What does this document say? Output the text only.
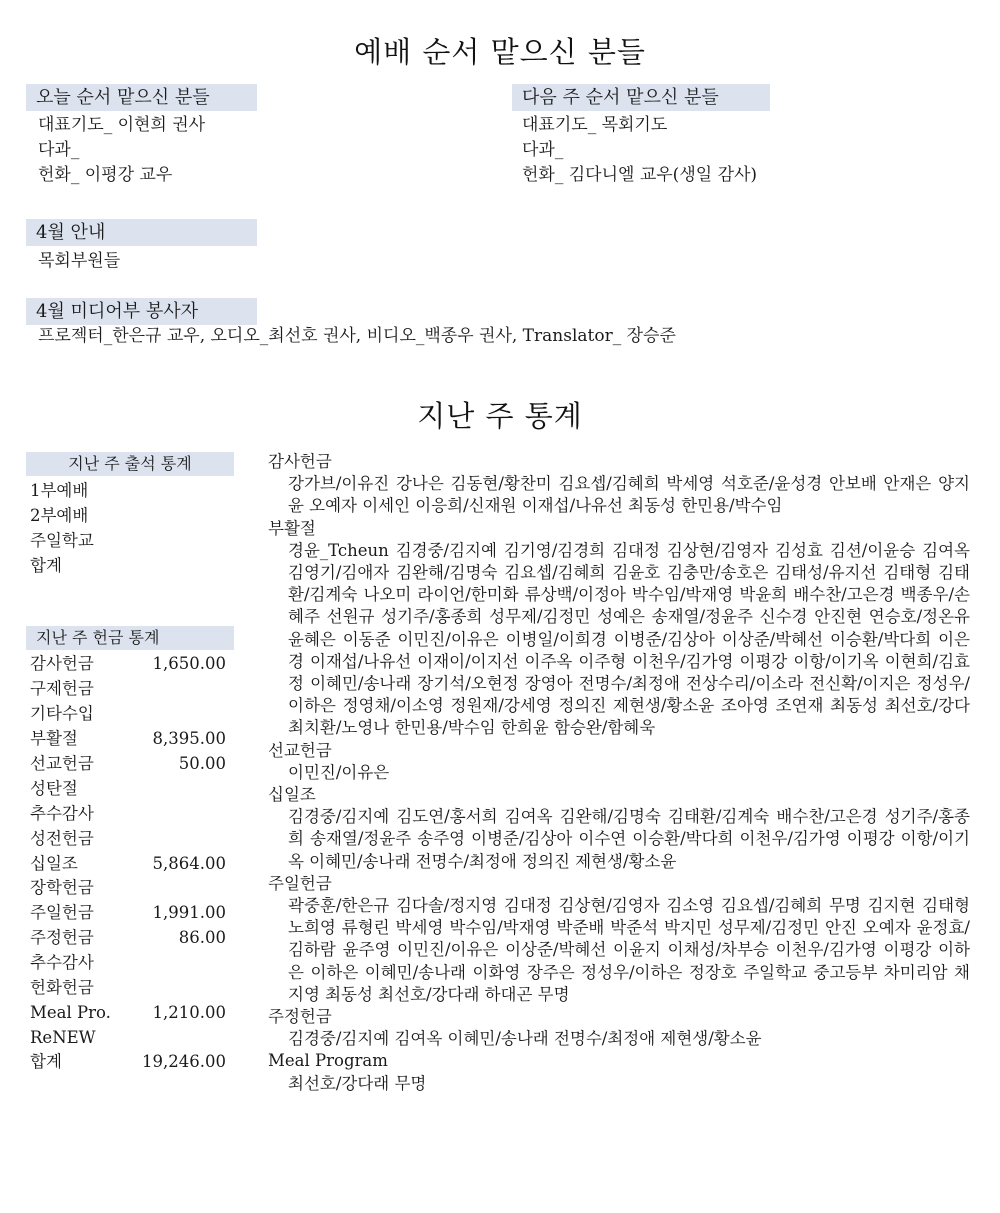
예배 순서 맡으신 분들
오늘 순서 맡으신 분들
대표기도_ 이현희 권사
다과_
헌화_ 이평강 교우
다음 주 순서 맡으신 분들
대표기도_ 목회기도
다과_
헌화_ 김다니엘 교우(생일 감사)
4월 안내
목회부원들
4월 미디어부 봉사자
프로젝터_한은규 교우, 오디오_최선호 권사, 비디오_백종우 권사, Translator_ 장승준
지난 주 통계
지난 주 출석 통계
1부예배
2부예배
주일학교
합계
지난 주 헌금 통계
감사헌금	1,650.00
구제헌금
기타수입
부활절	8,395.00
선교헌금	50.00
성탄절
추수감사
성전헌금
십일조	5,864.00
장학헌금
주일헌금	1,991.00
주정헌금	86.00
추수감사
헌화헌금
Meal Pro.	1,210.00
ReNEW
합계	19,246.00
감사헌금
강가브/이유진 강나은 김동현/황찬미 김요셉/김혜희 박세영 석호준/윤성경 안보배 안재은 양지윤 오예자 이세인 이응희/신재원 이재섭/나유선 최동성 한민용/박수임
부활절
경윤_Tcheun 김경중/김지예 김기영/김경희 김대정 김상현/김영자 김성효 김션/이윤승 김여옥 김영기/김애자 김완해/김명숙 김요셉/김혜희 김윤호 김충만/송호은 김태성/유지선 김태형 김태환/김계숙 나오미 라이언/한미화 류상백/이정아 박수임/박재영 박윤희 배수찬/고은경 백종우/손혜주 선원규 성기주/홍종희 성무제/김정민 성예은 송재열/정윤주 신수경 안진현 연승호/정온유 윤혜은 이동준 이민진/이유은 이병일/이희경 이병준/김상아 이상준/박혜선 이승환/박다희 이은경 이재섭/나유선 이재이/이지선 이주옥 이주형 이천우/김가영 이평강 이항/이기옥 이현희/김효정 이혜민/송나래 장기석/오현정 장영아 전명수/최정애 전상수리/이소라 전신확/이지은 정성우/이하은 정영채/이소영 정원재/강세영 정의진 제현생/황소윤 조아영 조연재 최동성 최선호/강다 최치환/노영나 한민용/박수임 한희윤 함승완/함혜욱
선교헌금
이민진/이유은
십일조
김경중/김지예 김도연/홍서희 김여옥 김완해/김명숙 김태환/김계숙 배수찬/고은경 성기주/홍종희 송재열/정윤주 송주영 이병준/김상아 이수연 이승환/박다희 이천우/김가영 이평강 이항/이기옥 이혜민/송나래 전명수/최정애 정의진 제현생/황소윤
주일헌금
곽중훈/한은규 김다솔/정지영 김대정 김상현/김영자 김소영 김요셉/김혜희 무명 김지현 김태형 노희영 류형린 박세영 박수임/박재영 박준배 박준석 박지민 성무제/김정민 안진 오예자 윤정효/김하람 윤주영 이민진/이유은 이상준/박혜선 이윤지 이채성/차부승 이천우/김가영 이평강 이하은 이하은 이혜민/송나래 이화영 장주은 정성우/이하은 정장호 주일학교 중고등부 차미리암 채지영 최동성 최선호/강다래 하대곤 무명
주정헌금
김경중/김지예 김여옥 이혜민/송나래 전명수/최정애 제현생/황소윤
Meal Program
최선호/강다래 무명
